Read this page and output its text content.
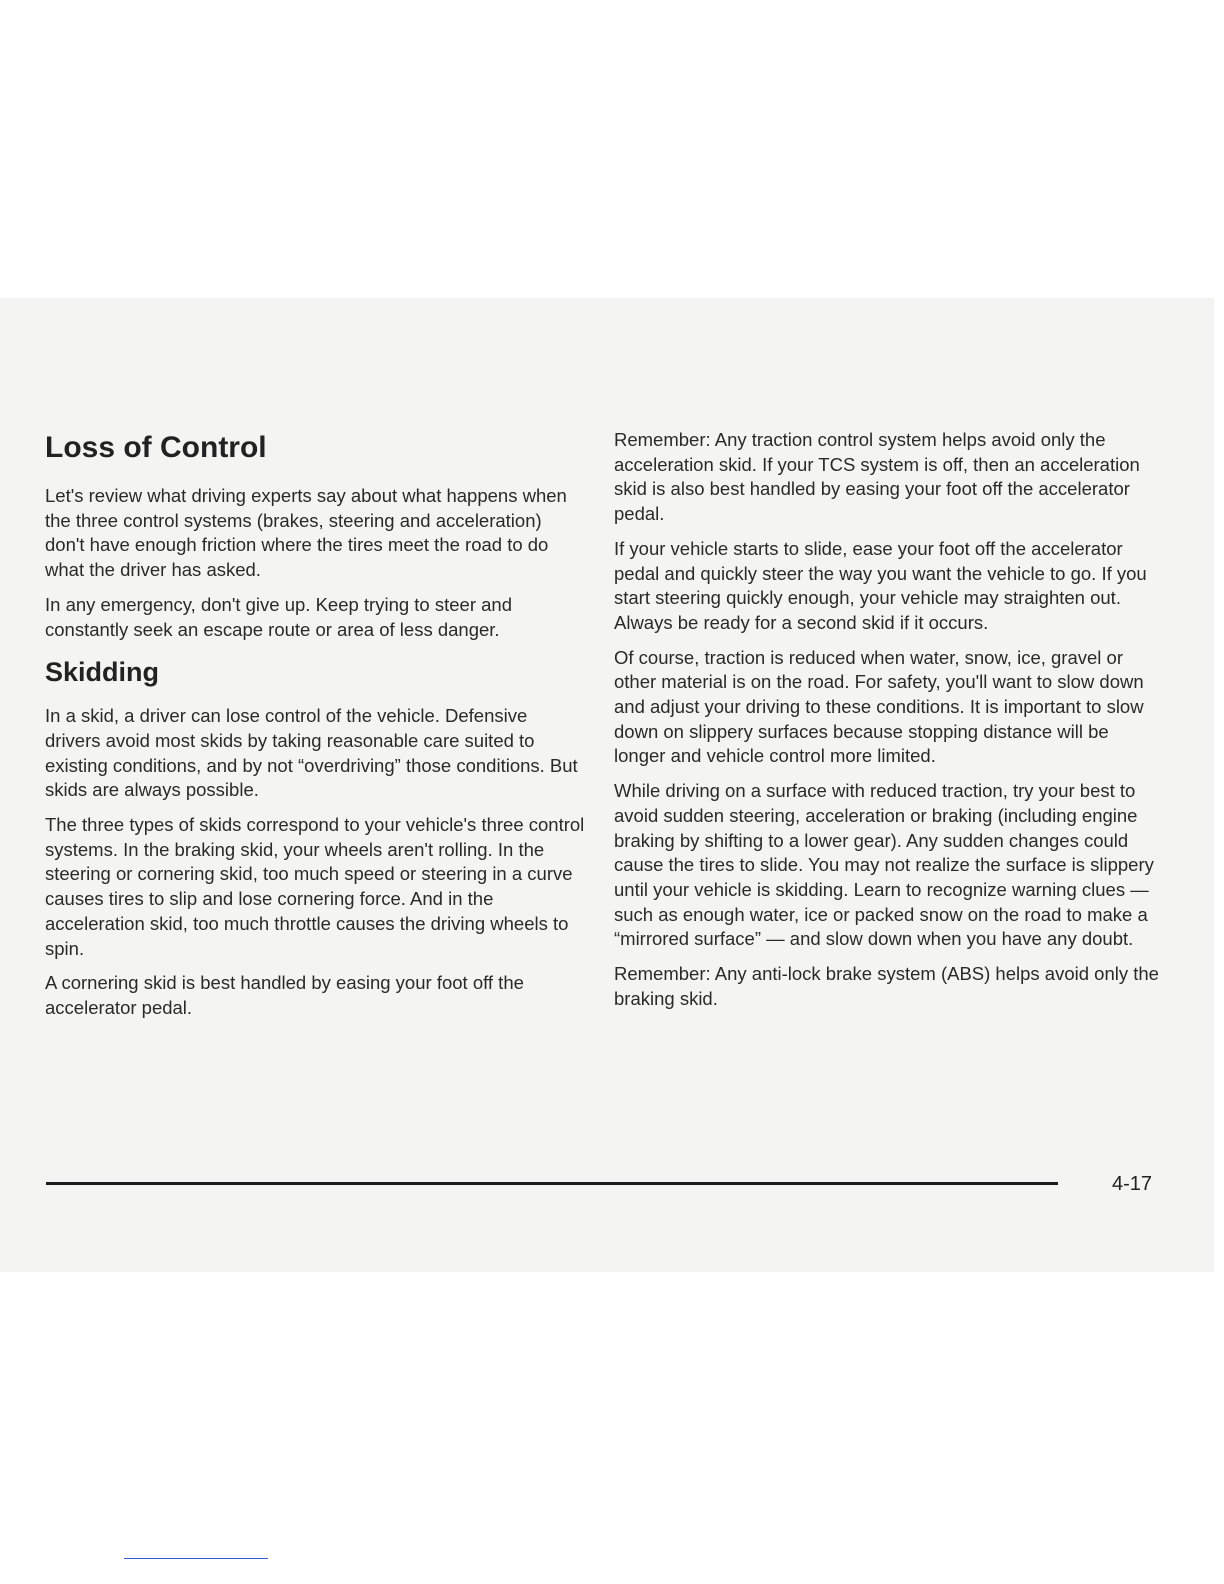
Loss of Control

Let's review what driving experts say about what happens when the three control systems (brakes, steering and acceleration) don't have enough friction where the tires meet the road to do what the driver has asked.

In any emergency, don't give up. Keep trying to steer and constantly seek an escape route or area of less danger.

Skidding

In a skid, a driver can lose control of the vehicle. Defensive drivers avoid most skids by taking reasonable care suited to existing conditions, and by not “overdriving” those conditions. But skids are always possible.

The three types of skids correspond to your vehicle's three control systems. In the braking skid, your wheels aren't rolling. In the steering or cornering skid, too much speed or steering in a curve causes tires to slip and lose cornering force. And in the acceleration skid, too much throttle causes the driving wheels to spin.

A cornering skid is best handled by easing your foot off the accelerator pedal.

Remember: Any traction control system helps avoid only the acceleration skid. If your TCS system is off, then an acceleration skid is also best handled by easing your foot off the accelerator pedal.

If your vehicle starts to slide, ease your foot off the accelerator pedal and quickly steer the way you want the vehicle to go. If you start steering quickly enough, your vehicle may straighten out. Always be ready for a second skid if it occurs.

Of course, traction is reduced when water, snow, ice, gravel or other material is on the road. For safety, you'll want to slow down and adjust your driving to these conditions. It is important to slow down on slippery surfaces because stopping distance will be longer and vehicle control more limited.

While driving on a surface with reduced traction, try your best to avoid sudden steering, acceleration or braking (including engine braking by shifting to a lower gear). Any sudden changes could cause the tires to slide. You may not realize the surface is slippery until your vehicle is skidding. Learn to recognize warning clues — such as enough water, ice or packed snow on the road to make a “mirrored surface” — and slow down when you have any doubt.

Remember: Any anti-lock brake system (ABS) helps avoid only the braking skid.

4-17
